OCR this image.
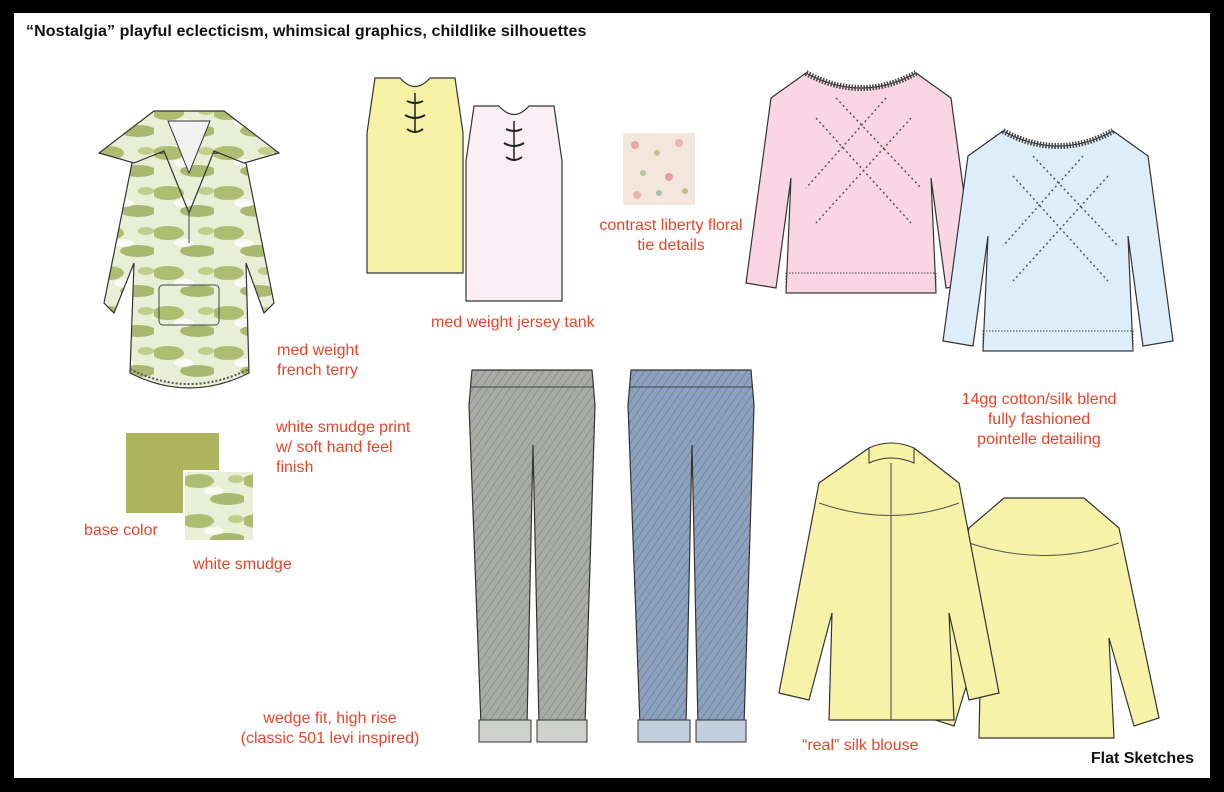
“Nostalgia” playful eclecticism, whimsical graphics, childlike silhouettes
med weight
french terry
white smudge print
w/ soft hand feel
finish
base color
white smudge
med weight jersey tank
contrast liberty floral
tie details
14gg cotton/silk blend
fully fashioned
pointelle detailing
wedge fit, high rise
(classic 501 levi inspired)	“real” silk blouse
Flat Sketches
